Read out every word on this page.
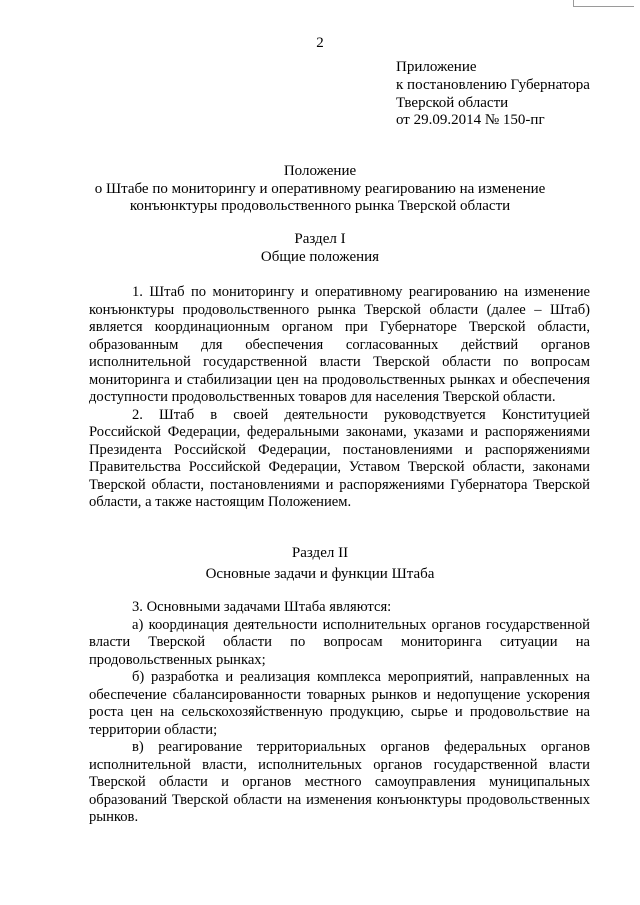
2
Приложение
к постановлению Губернатора
Тверской области
от 29.09.2014 № 150-пг
Положение
о Штабе по мониторингу и оперативному реагированию на изменение
конъюнктуры продовольственного рынка Тверской области
Раздел I
Общие положения

1. Штаб по мониторингу и оперативному реагированию на изменение конъюнктуры продовольственного рынка Тверской области (далее – Штаб) является координационным органом при Губернаторе Тверской области, образованным для обеспечения согласованных действий органов исполнительной государственной власти Тверской области по вопросам мониторинга и стабилизации цен на продовольственных рынках и обеспечения доступности продовольственных товаров для населения Тверской области.

2. Штаб в своей деятельности руководствуется Конституцией Российской Федерации, федеральными законами, указами и распоряжениями Президента Российской Федерации, постановлениями и распоряжениями Правительства Российской Федерации, Уставом Тверской области, законами Тверской области, постановлениями и распоряжениями Губернатора Тверской области, а также настоящим Положением.

Раздел II
Основные задачи и функции Штаба

3. Основными задачами Штаба являются:

а) координация деятельности исполнительных органов государственной власти Тверской области по вопросам мониторинга ситуации на продовольственных рынках;

б) разработка и реализация комплекса мероприятий, направленных на обеспечение сбалансированности товарных рынков и недопущение ускорения роста цен на сельскохозяйственную продукцию, сырье и продовольствие на территории области;

в) реагирование территориальных органов федеральных органов исполнительной власти, исполнительных органов государственной власти Тверской области и органов местного самоуправления муниципальных образований Тверской области на изменения конъюнктуры продовольственных рынков.
